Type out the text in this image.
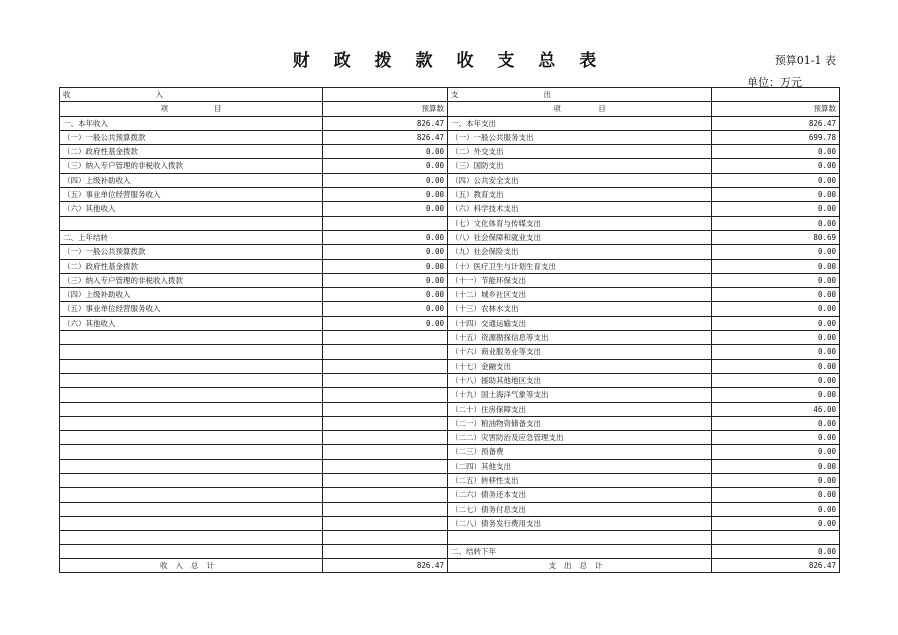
财 政 拨 款 收 支 总 表	预算01-1 表
单位：万元
收 入		支 出	

项 目	预算数	项　　　　　目	预算数
一、本年收入	826.47	一、本年支出	826.47
（一）一般公共预算拨款	826.47	（一）一般公共服务支出	699.78
（二）政府性基金拨款	0.00	（二）外交支出	0.00
（三）纳入专户管理的非税收入拨款	0.00	（三）国防支出	0.00
（四）上级补助收入	0.00	（四）公共安全支出	0.00
（五）事业单位经营服务收入	0.00	（五）教育支出	0.00
（六）其他收入	0.00	（六）科学技术支出	0.00
		（七）文化体育与传媒支出	0.00
二、上年结转	0.00	（八）社会保障和就业支出	80.69
（一）一般公共预算拨款	0.00	（九）社会保险支出	0.00
（二）政府性基金拨款	0.00	（十）医疗卫生与计划生育支出	0.00
（三）纳入专户管理的非税收入拨款	0.00	（十一）节能环保支出	0.00
（四）上级补助收入	0.00	（十二）城乡社区支出	0.00
（五）事业单位经营服务收入	0.00	（十三）农林水支出	0.00
（六）其他收入	0.00	（十四）交通运输支出	0.00
		（十五）资源勘探信息等支出	0.00
		（十六）商业服务业等支出	0.00
		（十七）金融支出	0.00
		（十八）援助其他地区支出	0.00
		（十九）国土海洋气象等支出	0.00
		（二十）住房保障支出	46.00
		（二一）粮油物资储备支出	0.00
		（二二）灾害防治及应急管理支出	0.00
		（二三）预备费	0.00
		（二四）其他支出	0.00
		（二五）转移性支出	0.00
		（二六）债务还本支出	0.00
		（二七）债务付息支出	0.00
		（二八）债务发行费用支出	0.00

		二、结转下年	0.00
收入总计	826.47	支出总计	826.47
